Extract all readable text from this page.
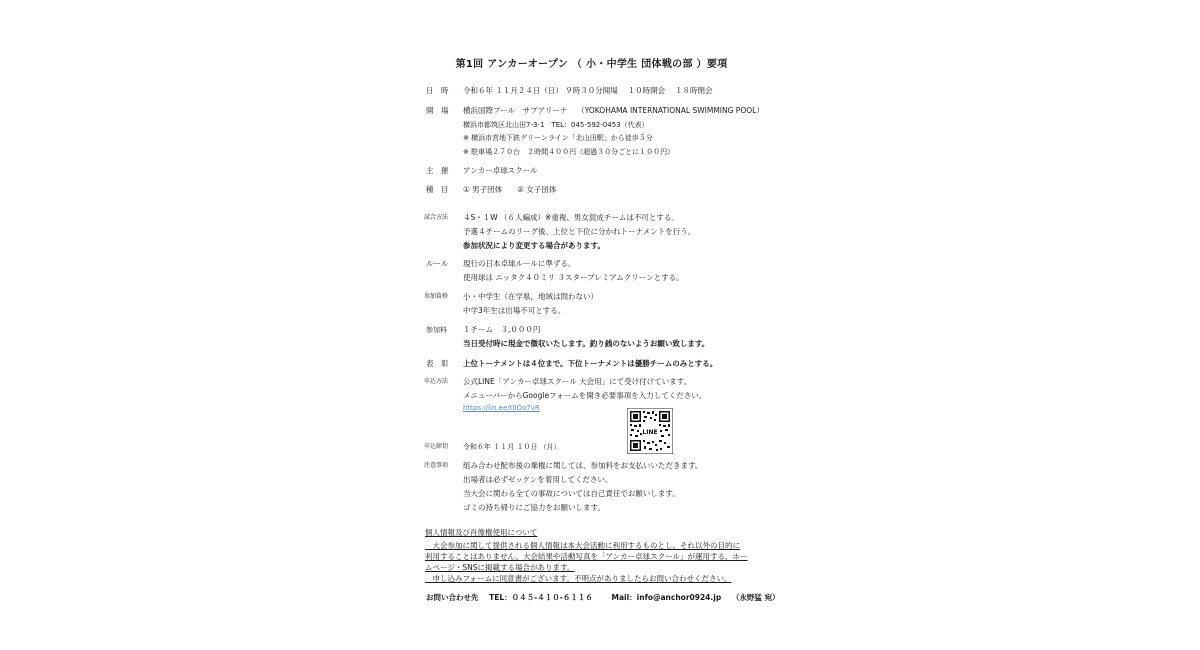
第1回 アンカーオープン （ 小・中学生 団体戦の部 ）要項
日　時 令和６年 １１月２４日（日） ９時３０分開場　 １０時開会　 １８時閉会
開　場 横浜国際プール　サブアリーナ　 （YOKOHAMA INTERNATIONAL SWIMMING POOL）
横浜市都筑区北山田7-3-1　TEL：045-592-0453（代表）
※ 横浜市営地下鉄グリーンライン「北山田駅」から徒歩５分
※ 駐車場２７０台　２時間４００円（超過３０分ごとに１００円）
主　催 アンカー卓球スクール
種　目 ① 男子団体　　② 女子団体
試合方法 ４S・１W （６人編成）※重複、男女混成チームは不可とする。
予選４チームのリーグ後、上位と下位に分かれトーナメントを行う。
参加状況により変更する場合があります。
ルール 現行の日本卓球ルールに準ずる。
使用球は ニッタク４０ミリ ３スタープレミアムクリーンとする。
参加資格 小・中学生（在学県，地域は問わない）
中学3年生は出場不可とする。
参加料 １チーム　３,０００円
当日受付時に現金で徴収いたします。釣り銭のないようお願い致します。
表　彰 上位トーナメントは４位まで。下位トーナメントは優勝チームのみとする。
申込方法 公式LINE「アンカー卓球スクール 大会用」にて受け付けています。
メニューバーからGoogleフォームを開き必要事項を入力してください。
https://lin.ee/tIIOo7vR
LINE
申込締切 令和６年 １１月 １０日 （月）
注意事項 組み合わせ配布後の棄権に関しては、参加料をお支払いいただきます。
出場者は必ずゼッケンを着用してください。
当大会に関わる全ての事故については自己責任でお願いします。
ゴミの持ち帰りにご協力をお願いします。
個人情報及び肖像権使用について
　大会参加に関して提供される個人情報は本大会活動に利用するものとし、それ以外の目的に
利用することはありません。大会結果や活動写真を「アンカー卓球スクール」が運用する、ホー
ムページ・SNSに掲載する場合があります。
　申し込みフォームに同意書がございます。不明点がありましたらお問い合わせください。
お問い合わせ先 TEL：０４５-４１０-６１１６ Mail：info@anchor0924.jp （永野猛 宛）
